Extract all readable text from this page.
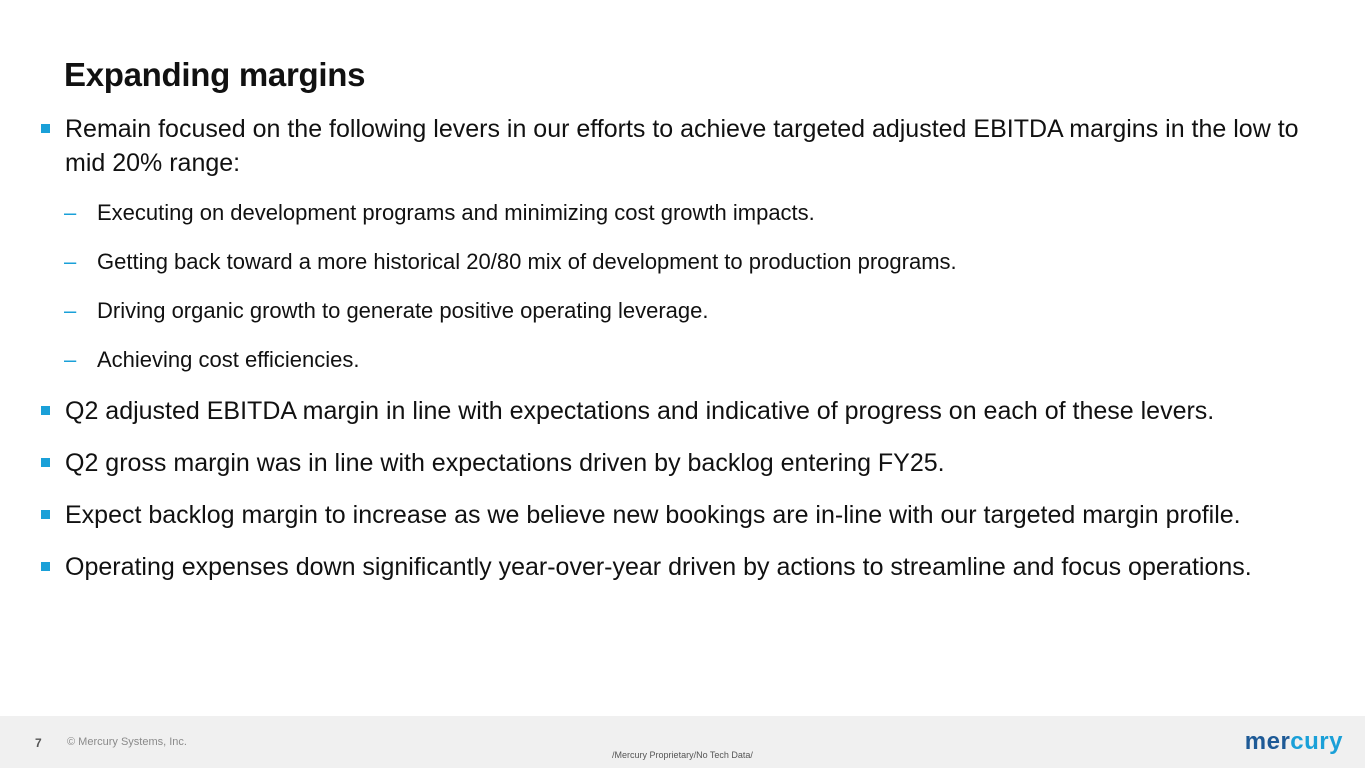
Expanding margins
Remain focused on the following levers in our efforts to achieve targeted adjusted EBITDA margins in the low to mid 20% range:
– Executing on development programs and minimizing cost growth impacts.
– Getting back toward a more historical 20/80 mix of development to production programs.
– Driving organic growth to generate positive operating leverage.
– Achieving cost efficiencies.
Q2 adjusted EBITDA margin in line with expectations and indicative of progress on each of these levers.
Q2 gross margin was in line with expectations driven by backlog entering FY25.
Expect backlog margin to increase as we believe new bookings are in-line with our targeted margin profile.
Operating expenses down significantly year-over-year driven by actions to streamline and focus operations.
7 © Mercury Systems, Inc.
/Mercury Proprietary/No Tech Data/	mercury
